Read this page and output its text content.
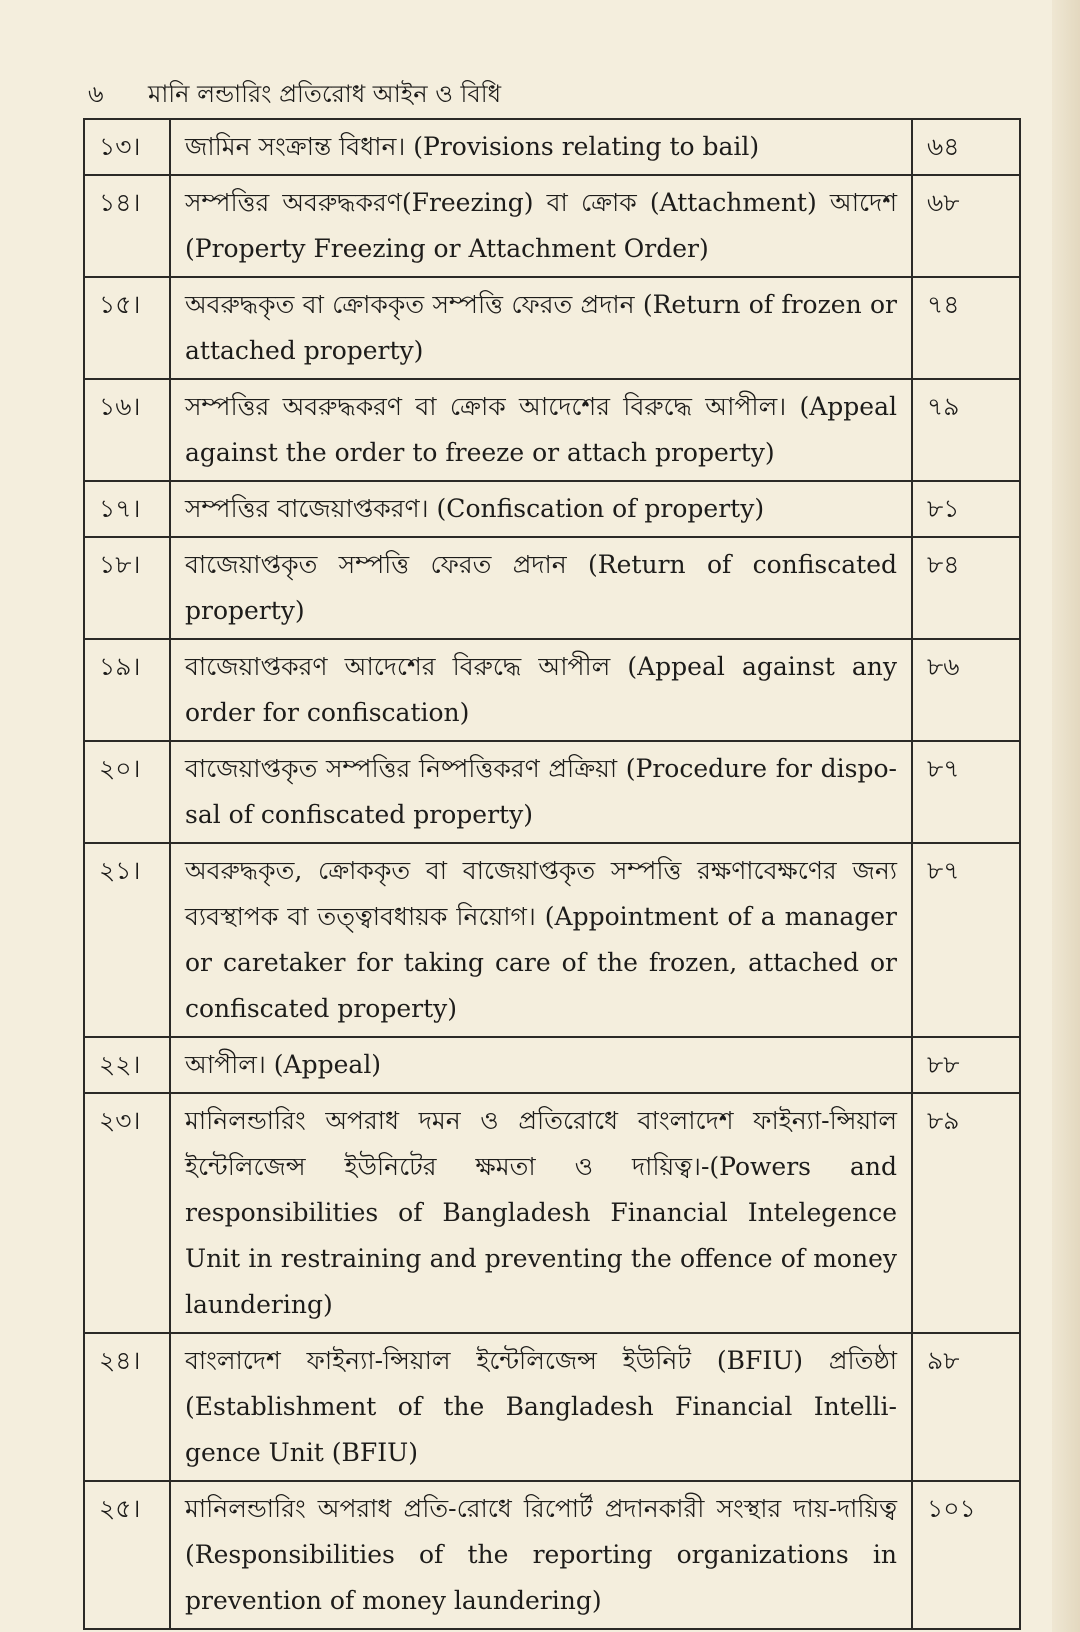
৬ মানি লন্ডারিং প্রতিরোধ আইন ও বিধি
১৩।	জামিন সংক্রান্ত বিধান। (Provisions relating to bail)	৬৪
১৪।	সম্পত্তির অবরুদ্ধকরণ(Freezing) বা ক্রোক (Attachment) আদেশ (Property Freezing or Attachment Order)	৬৮
১৫।	অবরুদ্ধকৃত বা ক্রোককৃত সম্পত্তি ফেরত প্রদান (Return of frozen or attached property)	৭৪
১৬।	সম্পত্তির অবরুদ্ধকরণ বা ক্রোক আদেশের বিরুদ্ধে আপীল। (Appeal against the order to freeze or attach property)	৭৯
১৭।	সম্পত্তির বাজেয়াপ্তকরণ। (Confiscation of property)	৮১
১৮।	বাজেয়াপ্তকৃত সম্পত্তি ফেরত প্রদান (Return of confiscated property)	৮৪
১৯।	বাজেয়াপ্তকরণ আদেশের বিরুদ্ধে আপীল (Appeal against any order for confiscation)	৮৬
২০।	বাজেয়াপ্তকৃত সম্পত্তির নিষ্পত্তিকরণ প্রক্রিয়া (Procedure for dispo-sal of confiscated property)	৮৭
২১।	অবরুদ্ধকৃত, ক্রোককৃত বা বাজেয়াপ্তকৃত সম্পত্তি রক্ষণাবেক্ষণের জন্য ব্যবস্থাপক বা তত্ত্বাবধায়ক নিয়োগ। (Appointment of a manager or caretaker for taking care of the frozen, attached or confiscated property)	৮৭
২২।	আপীল। (Appeal)	৮৮
২৩।	মানিলন্ডারিং অপরাধ দমন ও প্রতিরোধে বাংলাদেশ ফাইন্যা-ন্সিয়াল ইন্টেলিজেন্স ইউনিটের ক্ষমতা ও দায়িত্ব।-(Powers and responsibilities of Bangladesh Financial Intelegence Unit in restraining and preventing the offence of money laundering)	৮৯
২৪।	বাংলাদেশ ফাইন্যা-ন্সিয়াল ইন্টেলিজেন্স ইউনিট (BFIU) প্রতিষ্ঠা (Establishment of the Bangladesh Financial Intelli-gence Unit (BFIU)	৯৮
২৫।	মানিলন্ডারিং অপরাধ প্রতি-রোধে রিপোর্ট প্রদানকারী সংস্থার দায়-দায়িত্ব (Responsibilities of the reporting organizations in prevention of money laundering)	১০১
